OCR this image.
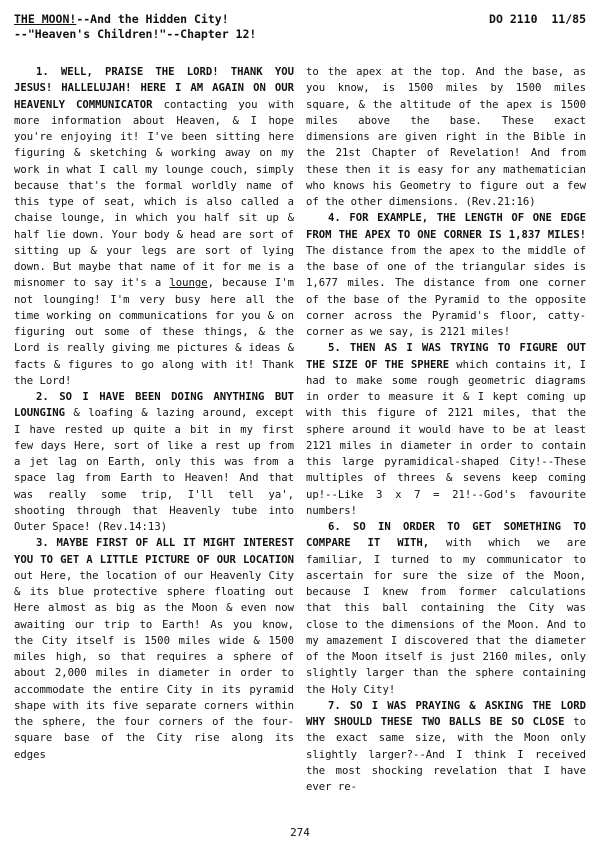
THE MOON!--And the Hidden City!
--"Heaven's Children!"--Chapter 12!
DO 2110 11/85

1. WELL, PRAISE THE LORD! THANK YOU JESUS! HALLELUJAH! HERE I AM AGAIN ON OUR HEAVENLY COMMUNICATOR contacting you with more information about Heaven, & I hope you're enjoying it! I've been sitting here figuring & sketching & working away on my work in what I call my lounge couch, simply because that's the formal worldly name of this type of seat, which is also called a chaise lounge, in which you half sit up & half lie down. Your body & head are sort of sitting up & your legs are sort of lying down. But maybe that name of it for me is a misnomer to say it's a lounge, because I'm not lounging! I'm very busy here all the time working on communications for you & on figuring out some of these things, & the Lord is really giving me pictures & ideas & facts & figures to go along with it! Thank the Lord!

2. SO I HAVE BEEN DOING ANYTHING BUT LOUNGING & loafing & lazing around, except I have rested up quite a bit in my first few days Here, sort of like a rest up from a jet lag on Earth, only this was from a space lag from Earth to Heaven! And that was really some trip, I'll tell ya', shooting through that Heavenly tube into Outer Space! (Rev.14:13)

3. MAYBE FIRST OF ALL IT MIGHT INTEREST YOU TO GET A LITTLE PICTURE OF OUR LOCATION out Here, the location of our Heavenly City & its blue protective sphere floating out Here almost as big as the Moon & even now awaiting our trip to Earth! As you know, the City itself is 1500 miles wide & 1500 miles high, so that requires a sphere of about 2,000 miles in diameter in order to accommodate the entire City in its pyramid shape with its five separate corners within the sphere, the four corners of the four-square base of the City rise along its edges

to the apex at the top. And the base, as you know, is 1500 miles by 1500 miles square, & the altitude of the apex is 1500 miles above the base. These exact dimensions are given right in the Bible in the 21st Chapter of Revelation! And from these then it is easy for any mathematician who knows his Geometry to figure out a few of the other dimensions. (Rev.21:16)

4. FOR EXAMPLE, THE LENGTH OF ONE EDGE FROM THE APEX TO ONE CORNER IS 1,837 MILES! The distance from the apex to the middle of the base of one of the triangular sides is 1,677 miles. The distance from one corner of the base of the Pyramid to the opposite corner across the Pyramid's floor, catty-corner as we say, is 2121 miles!

5. THEN AS I WAS TRYING TO FIGURE OUT THE SIZE OF THE SPHERE which contains it, I had to make some rough geometric diagrams in order to measure it & I kept coming up with this figure of 2121 miles, that the sphere around it would have to be at least 2121 miles in diameter in order to contain this large pyramidical-shaped City!--These multiples of threes & sevens keep coming up!--Like 3 x 7 = 21!--God's favourite numbers!

6. SO IN ORDER TO GET SOMETHING TO COMPARE IT WITH, with which we are familiar, I turned to my communicator to ascertain for sure the size of the Moon, because I knew from former calculations that this ball containing the City was close to the dimensions of the Moon. And to my amazement I discovered that the diameter of the Moon itself is just 2160 miles, only slightly larger than the sphere containing the Holy City!

7. SO I WAS PRAYING & ASKING THE LORD WHY SHOULD THESE TWO BALLS BE SO CLOSE to the exact same size, with the Moon only slightly larger?--And I think I received the most shocking revelation that I have ever re-

274
